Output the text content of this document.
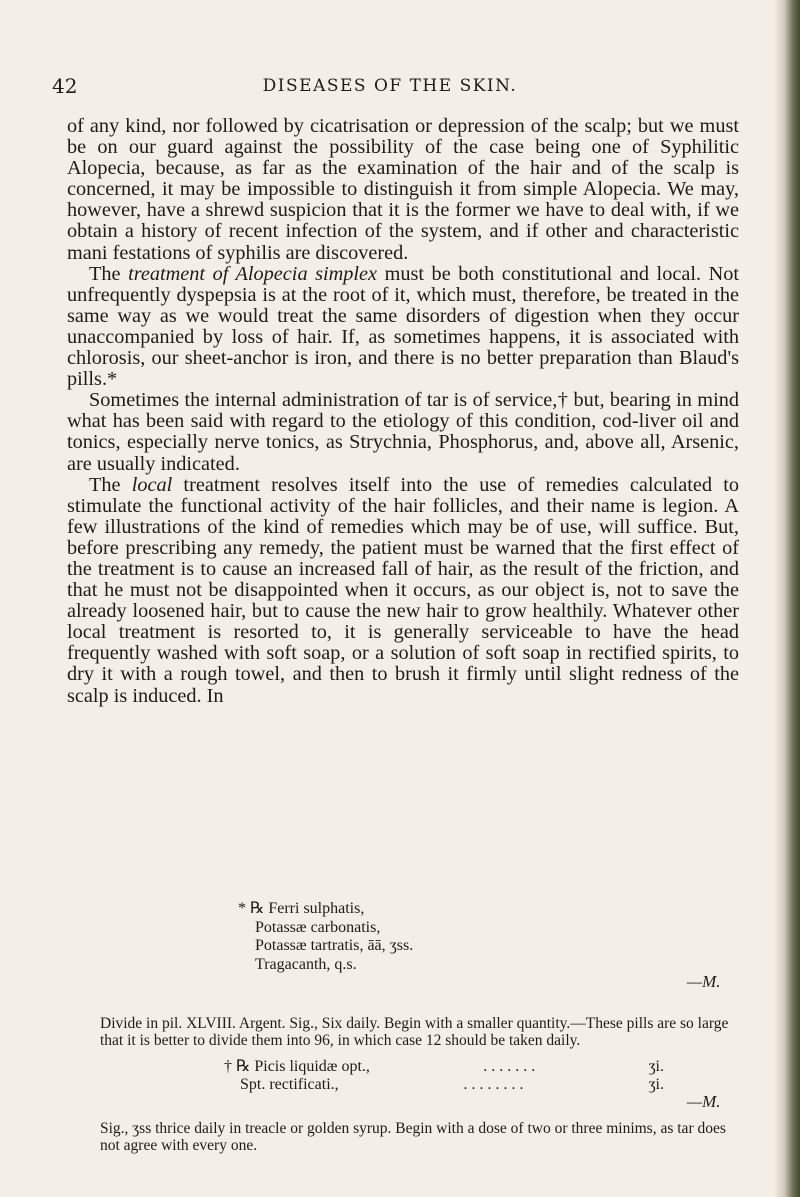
42	DISEASES OF THE SKIN.

of any kind, nor followed by cicatrisation or depression of the scalp; but we must be on our guard against the possibility of the case being one of Syphilitic Alopecia, because, as far as the examination of the hair and of the scalp is concerned, it may be impossible to distinguish it from simple Alopecia. We may, however, have a shrewd suspicion that it is the former we have to deal with, if we obtain a history of recent infection of the system, and if other and characteristic mani festations of syphilis are discovered.

The treatment of Alopecia simplex must be both constitutional and local. Not unfrequently dyspepsia is at the root of it, which must, therefore, be treated in the same way as we would treat the same disorders of digestion when they occur unaccompanied by loss of hair. If, as sometimes happens, it is associated with chlorosis, our sheet-anchor is iron, and there is no better preparation than Blaud's pills.*

Sometimes the internal administration of tar is of service,† but, bearing in mind what has been said with regard to the etiology of this condition, cod-liver oil and tonics, especially nerve tonics, as Strychnia, Phosphorus, and, above all, Arsenic, are usually indicated.

The local treatment resolves itself into the use of remedies calculated to stimulate the functional activity of the hair follicles, and their name is legion. A few illustrations of the kind of remedies which may be of use, will suffice. But, before prescribing any remedy, the patient must be warned that the first effect of the treatment is to cause an increased fall of hair, as the result of the friction, and that he must not be disappointed when it occurs, as our object is, not to save the already loosened hair, but to cause the new hair to grow healthily. Whatever other local treatment is resorted to, it is generally serviceable to have the head frequently washed with soft soap, or a solution of soft soap in rectified spirits, to dry it with a rough towel, and then to brush it firmly until slight redness of the scalp is induced. In

* ℞ Ferri sulphatis,
Potassæ carbonatis,
Potassæ tartratis, āā, ʒss.
Tragacanth, q.s.
—M.
Divide in pil. XLVIII. Argent. Sig., Six daily. Begin with a smaller quantity.—These pills are so large that it is better to divide them into 96, in which case 12 should be taken daily.
† ℞ Picis liquidæ opt.,	. . . . . . .	ʒi.
Spt. rectificati.,	. . . . . . . .	ʒi.
—M.
Sig., ʒss thrice daily in treacle or golden syrup. Begin with a dose of two or three minims, as tar does not agree with every one.
